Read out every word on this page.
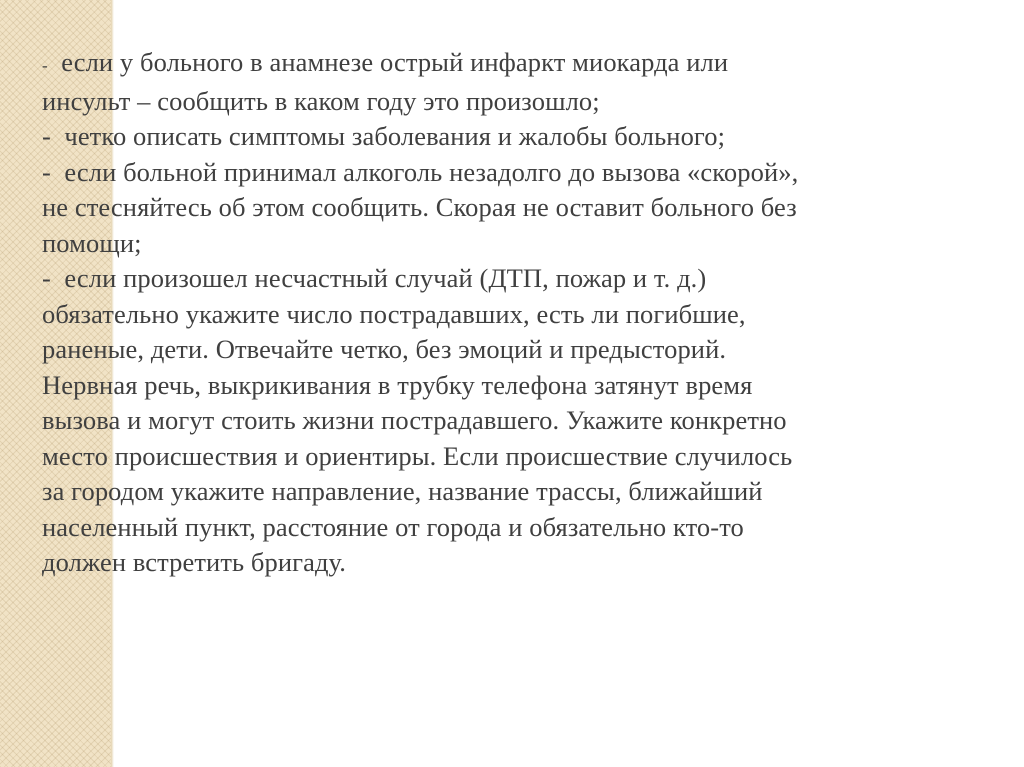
-  если у больного в анамнезе острый инфаркт миокарда или
инсульт – сообщить в каком году это произошло;
-  четко описать симптомы заболевания и жалобы больного;
-  если больной принимал алкоголь незадолго до вызова «скорой»,
не стесняйтесь об этом сообщить. Скорая не оставит больного без
помощи;
-  если произошел несчастный случай (ДТП, пожар и т. д.)
обязательно укажите число пострадавших, есть ли погибшие,
раненые, дети. Отвечайте четко, без эмоций и предысторий.
Нервная речь, выкрикивания в трубку телефона затянут время
вызова и могут стоить жизни пострадавшего. Укажите конкретно
место происшествия и ориентиры. Если происшествие случилось
за городом укажите направление, название трассы, ближайший
населенный пункт, расстояние от города и обязательно кто-то
должен встретить бригаду.
